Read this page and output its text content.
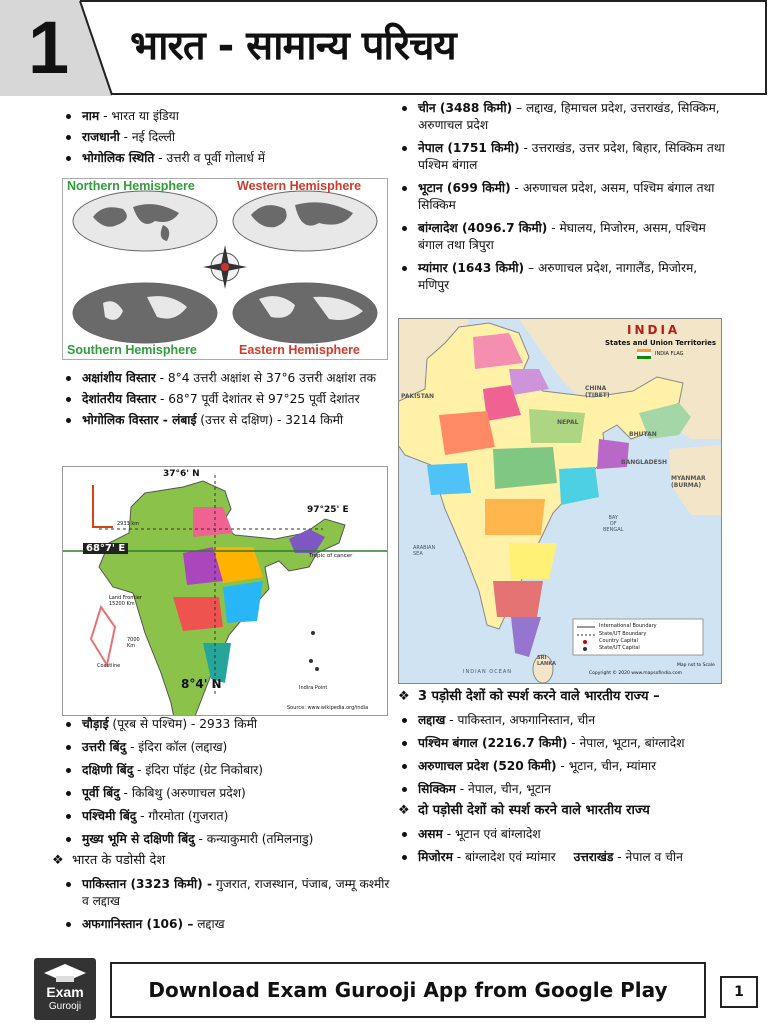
1 भारत - सामान्य परिचय
नाम - भारत या इंडिया
राजधानी - नई दिल्ली
भोगोलिक स्थिति - उत्तरी व पूर्वी गोलार्ध में
Northern Hemisphere	Western Hemisphere
Southern Hemisphere	Eastern Hemisphere
अक्षांशीय विस्तार - 8°4 उत्तरी अक्षांश से 37°6 उत्तरी अक्षांश तक
देशांतरीय विस्तार - 68°7 पूर्वी देशांतर से 97°25 पूर्वी देशांतर
भोगोलिक विस्तार - लंबाई (उत्तर से दक्षिण) - 3214 किमी
37°6' N
97°25' E
68°7' E
Tropic of cancer
2933 km
Land Frontier
15200 Km
7000
Km
Coastline
8°4' N	Indira Point
Source: www.wikipedia.org/india
चौड़ाई (पूरब से पश्चिम) - 2933 किमी
उत्तरी बिंदु - इंदिरा कॉल (लद्दाख)
दक्षिणी बिंदु - इंदिरा पॉइंट (ग्रेट निकोबार)
पूर्वी बिंदु - किबिथु (अरुणाचल प्रदेश)
पश्चिमी बिंदु - गौरमोता (गुजरात)
मुख्य भूमि से दक्षिणी बिंदु - कन्याकुमारी (तमिलनाडु)
❖ भारत के पडोसी देश
पाकिस्तान (3323 किमी) - गुजरात, राजस्थान, पंजाब, जम्मू कश्मीर व लद्दाख
अफगानिस्तान (106) – लद्दाख
चीन (3488 किमी) – लद्दाख, हिमाचल प्रदेश, उत्तराखंड, सिक्किम, अरुणाचल प्रदेश
नेपाल (1751 किमी) - उत्तराखंड, उत्तर प्रदेश, बिहार, सिक्किम तथा पश्चिम बंगाल
भूटान (699 किमी) - अरुणाचल प्रदेश, असम, पश्चिम बंगाल तथा सिक्किम
बांग्लादेश (4096.7 किमी) - मेघालय, मिजोरम, असम, पश्चिम बंगाल तथा त्रिपुरा
म्यांमार (1643 किमी) – अरुणाचल प्रदेश, नागालैंड, मिजोरम, मणिपुर
INDIA
States and Union Territories
INDIA FLAG
PAKISTAN
CHINA
(TIBET)
NEPAL
BHUTAN
BANGLADESH
MYANMAR
(BURMA)
SRI
LANKA
ARABIAN
SEA
BAY
OF
BENGAL
INDIAN OCEAN
International Boundary
State/UT Boundary
Country Capital
State/UT Capital
Copyright © 2020 www.mapsofindia.com
Map not to Scale
❖ 3 पड़ोसी देशों को स्पर्श करने वाले भारतीय राज्य –
लद्दाख - पाकिस्तान, अफगानिस्तान, चीन
पश्चिम बंगाल (2216.7 किमी) - नेपाल, भूटान, बांग्लादेश
अरुणाचल प्रदेश (520 किमी) - भूटान, चीन, म्यांमार
सिक्किम - नेपाल, चीन, भूटान
❖ दो पड़ोसी देशों को स्पर्श करने वाले भारतीय राज्य
असम - भूटान एवं बांग्लादेश
मिजोरम - बांग्लादेश एवं म्यांमार उत्तराखंड - नेपाल व चीन
Exam
Gurooji
Download Exam Gurooji App from Google Play	1
